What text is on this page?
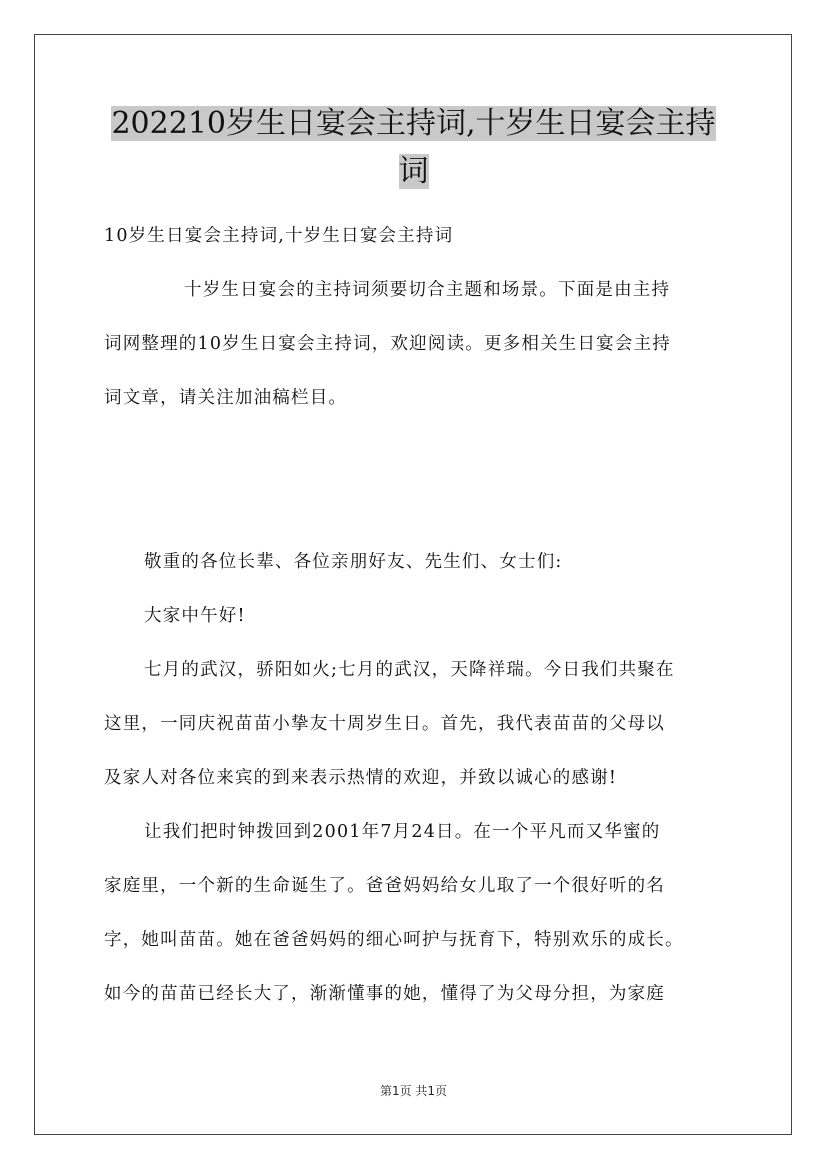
202210岁生日宴会主持词,十岁生日宴会主持
词

10岁生日宴会主持词,十岁生日宴会主持词

十岁生日宴会的主持词须要切合主题和场景。下面是由主持

词网整理的10岁生日宴会主持词，欢迎阅读。更多相关生日宴会主持

词文章，请关注加油稿栏目。

敬重的各位长辈、各位亲朋好友、先生们、女士们:

大家中午好!

七月的武汉，骄阳如火;七月的武汉，天降祥瑞。今日我们共聚在

这里，一同庆祝苗苗小挚友十周岁生日。首先，我代表苗苗的父母以

及家人对各位来宾的到来表示热情的欢迎，并致以诚心的感谢!

让我们把时钟拨回到2001年7月24日。在一个平凡而又华蜜的

家庭里，一个新的生命诞生了。爸爸妈妈给女儿取了一个很好听的名

字，她叫苗苗。她在爸爸妈妈的细心呵护与抚育下，特别欢乐的成长。

如今的苗苗已经长大了，渐渐懂事的她，懂得了为父母分担，为家庭

第1页 共1页
